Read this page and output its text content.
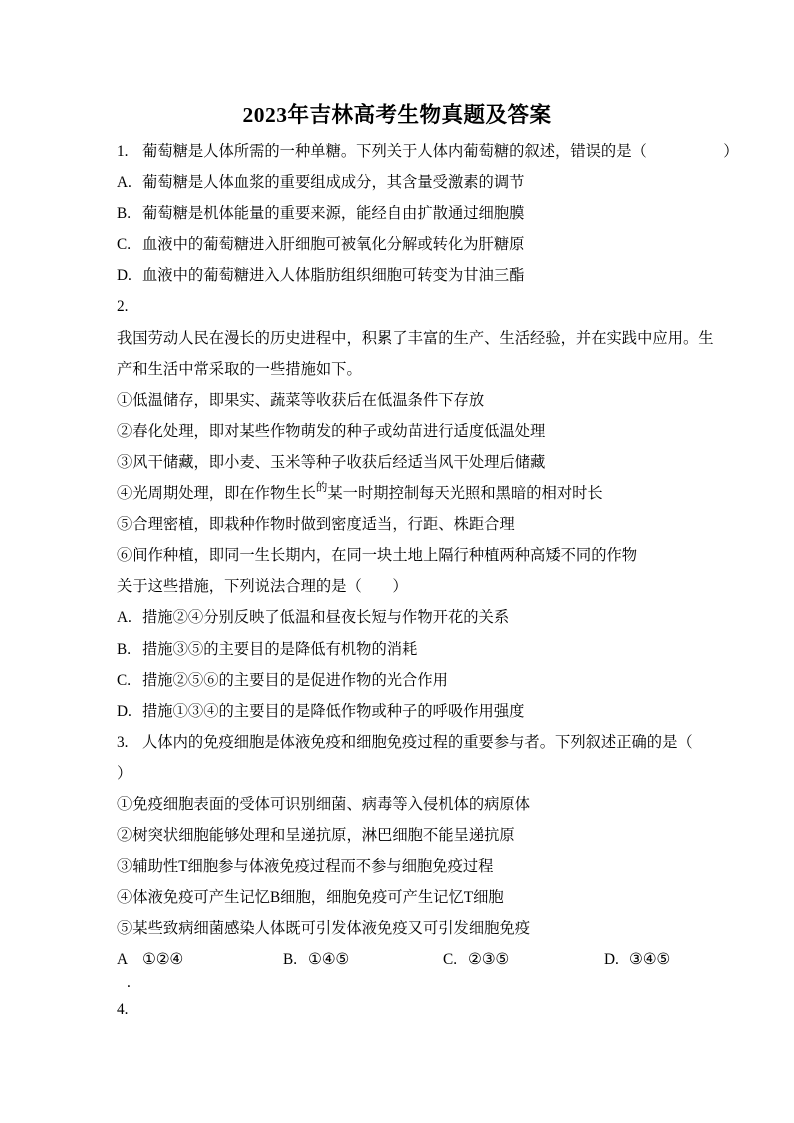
2023年吉林高考生物真题及答案
1. 葡萄糖是人体所需的一种单糖。下列关于人体内葡萄糖的叙述，错误的是（　　　　　）
A. 葡萄糖是人体血浆的重要组成成分，其含量受激素的调节
B. 葡萄糖是机体能量的重要来源，能经自由扩散通过细胞膜
C. 血液中的葡萄糖进入肝细胞可被氧化分解或转化为肝糖原
D. 血液中的葡萄糖进入人体脂肪组织细胞可转变为甘油三酯
2.
我国劳动人民在漫长的历史进程中，积累了丰富的生产、生活经验，并在实践中应用。生
产和生活中常采取的一些措施如下。
①低温储存，即果实、蔬菜等收获后在低温条件下存放
②春化处理，即对某些作物萌发的种子或幼苗进行适度低温处理
③风干储藏，即小麦、玉米等种子收获后经适当风干处理后储藏
④光周期处理，即在作物生长$^的$某一时期控制每天光照和黑暗的相对时长
⑤合理密植，即栽种作物时做到密度适当，行距、株距合理
⑥间作种植，即同一生长期内，在同一块土地上隔行种植两种高矮不同的作物
关于这些措施，下列说法合理的是（　　）
A. 措施②④分别反映了低温和昼夜长短与作物开花的关系
B. 措施③⑤的主要目的是降低有机物的消耗
C. 措施②⑤⑥的主要目的是促进作物的光合作用
D. 措施①③④的主要目的是降低作物或种子的呼吸作用强度
3. 人体内的免疫细胞是体液免疫和细胞免疫过程的重要参与者。下列叙述正确的是（
）
①免疫细胞表面的受体可识别细菌、病毒等入侵机体的病原体
②树突状细胞能够处理和呈递抗原，淋巴细胞不能呈递抗原
③辅助性T细胞参与体液免疫过程而不参与细胞免疫过程
④体液免疫可产生记忆B细胞，细胞免疫可产生记忆T细胞
⑤某些致病细菌感染人体既可引发体液免疫又可引发细胞免疫

A ①②④

	B. ①④⑤

	C. ②③⑤

	D. ③④⑤

.
4.
